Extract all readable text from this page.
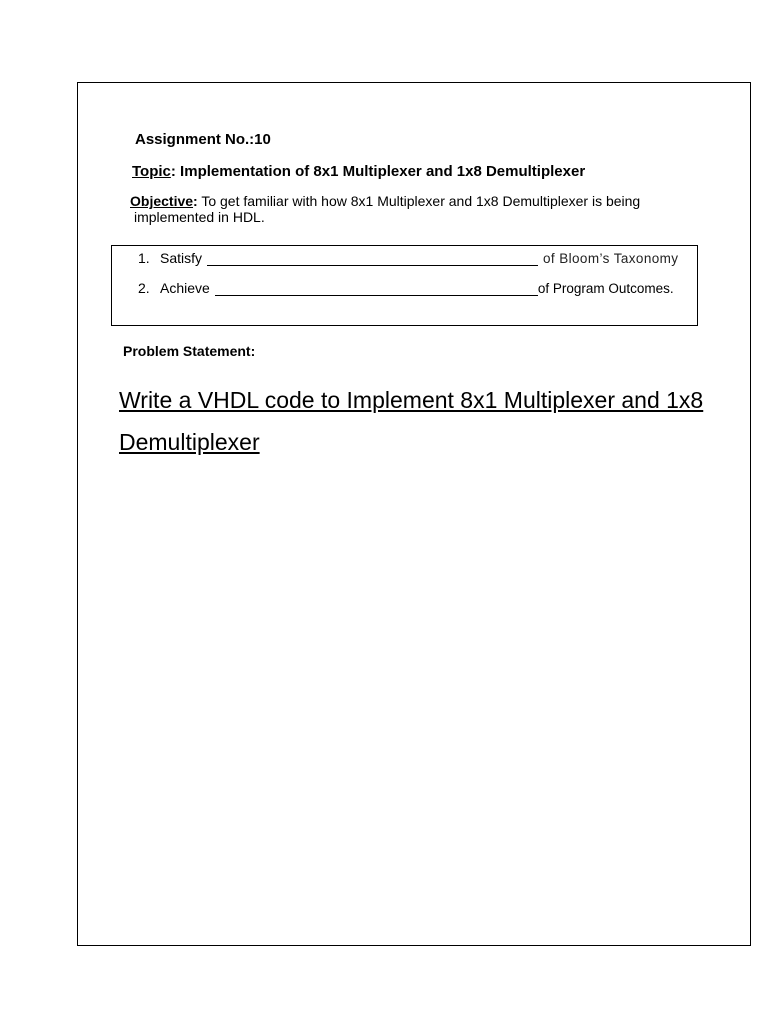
Assignment No.:10
Topic: Implementation of 8x1 Multiplexer and 1x8 Demultiplexer
Objective: To get familiar with how 8x1 Multiplexer and 1x8 Demultiplexer is being
implemented in HDL.
1. Satisfy	of Bloom’s Taxonomy
2. Achieve	of Program Outcomes.
Problem Statement:

Write a VHDL code to Implement 8x1 Multiplexer and 1x8 Demultiplexer
